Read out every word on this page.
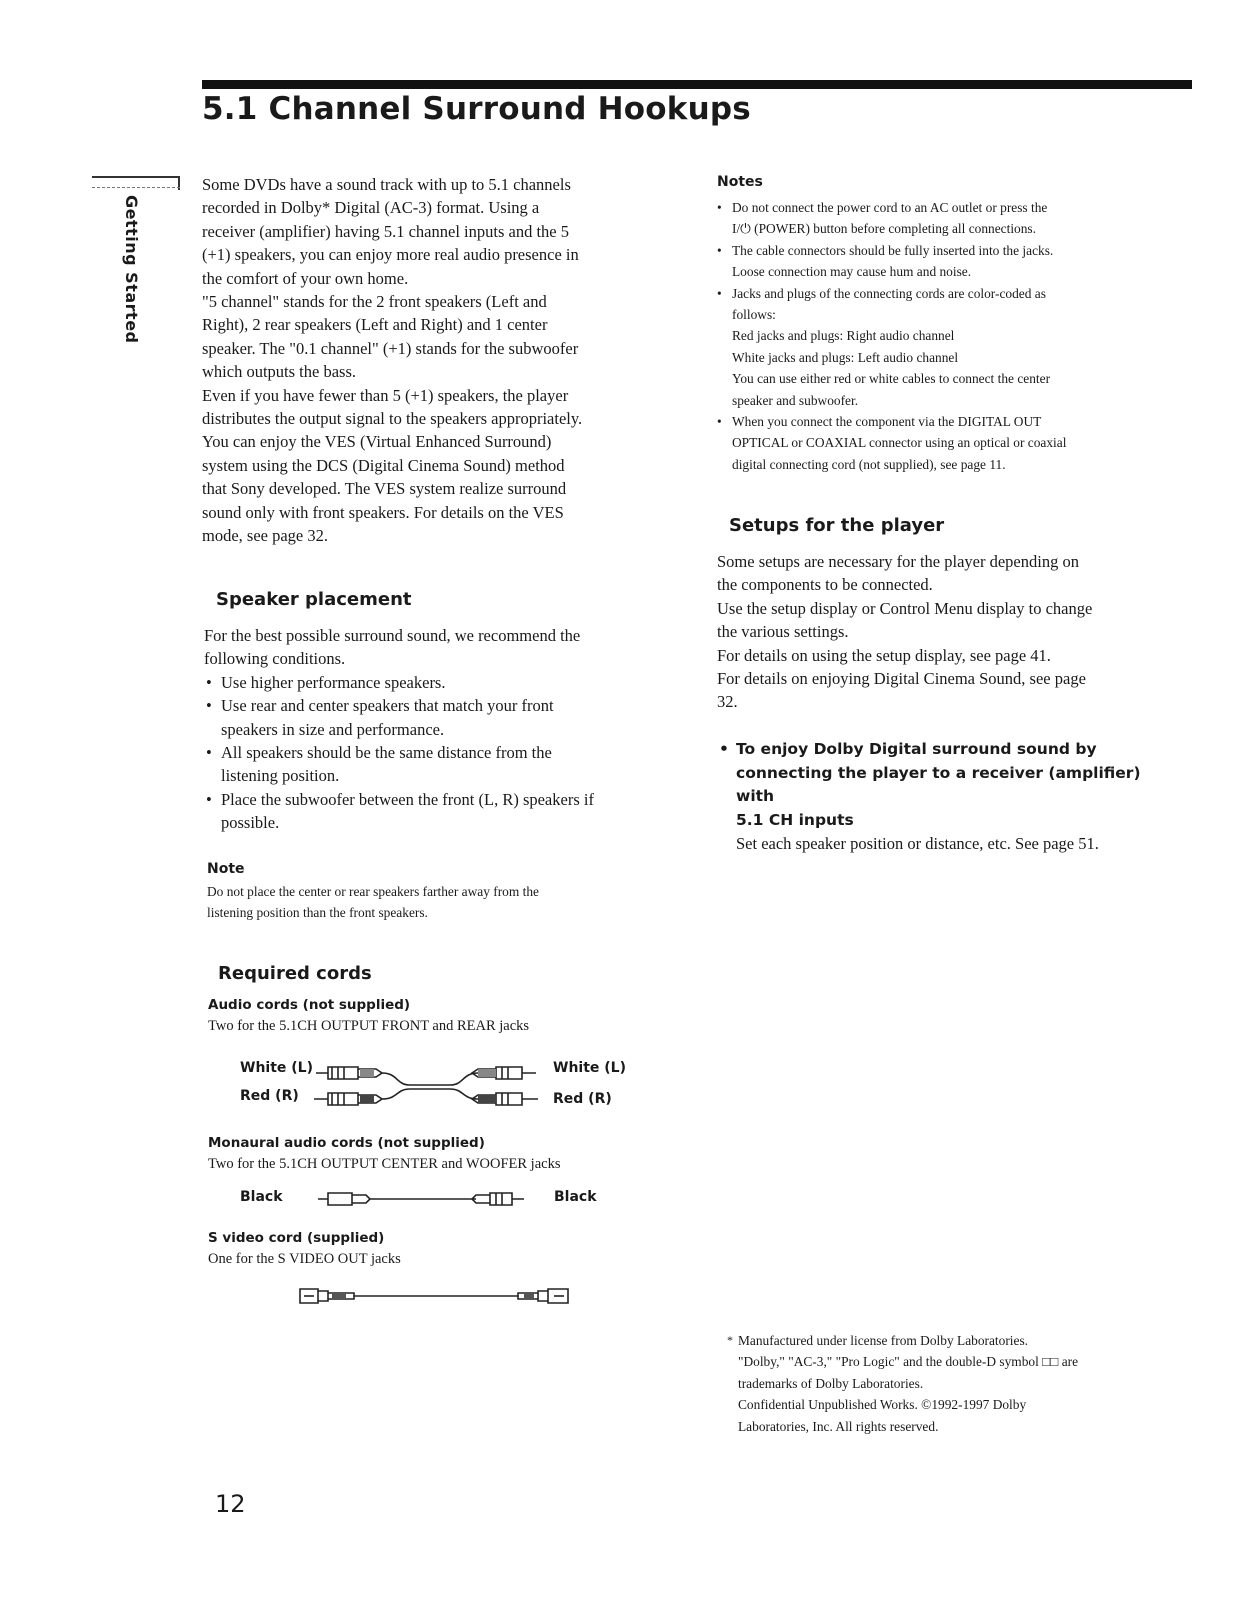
5.1 Channel Surround Hookups
Getting Started

Some DVDs have a sound track with up to 5.1 channels

recorded in Dolby* Digital (AC-3) format. Using a

receiver (amplifier) having 5.1 channel inputs and the 5

(+1) speakers, you can enjoy more real audio presence in

the comfort of your own home.

"5 channel" stands for the 2 front speakers (Left and

Right), 2 rear speakers (Left and Right) and 1 center

speaker. The "0.1 channel" (+1) stands for the subwoofer

which outputs the bass.

Even if you have fewer than 5 (+1) speakers, the player

distributes the output signal to the speakers appropriately.

You can enjoy the VES (Virtual Enhanced Surround)

system using the DCS (Digital Cinema Sound) method

that Sony developed. The VES system realize surround

sound only with front speakers. For details on the VES

mode, see page 32.

Speaker placement

For the best possible surround sound, we recommend the

following conditions.

• Use higher performance speakers.
• Use rear and center speakers that match your front
speakers in size and performance.
• All speakers should be the same distance from the
listening position.
• Place the subwoofer between the front (L, R) speakers if
possible.
Note

Do not place the center or rear speakers farther away from the

listening position than the front speakers.

Required cords
Audio cords (not supplied)
Two for the 5.1CH OUTPUT FRONT and REAR jacks
White (L)
Red (R)
White (L)
Red (R)
Monaural audio cords (not supplied)
Two for the 5.1CH OUTPUT CENTER and WOOFER jacks
Black	Black
S video cord (supplied)
One for the S VIDEO OUT jacks
Notes
• Do not connect the power cord to an AC outlet or press the
I/⏻ (POWER) button before completing all connections.
• The cable connectors should be fully inserted into the jacks.
Loose connection may cause hum and noise.
• Jacks and plugs of the connecting cords are color-coded as
follows:
Red jacks and plugs: Right audio channel
White jacks and plugs: Left audio channel
You can use either red or white cables to connect the center
speaker and subwoofer.
• When you connect the component via the DIGITAL OUT
OPTICAL or COAXIAL connector using an optical or coaxial
digital connecting cord (not supplied), see page 11.
Setups for the player

Some setups are necessary for the player depending on

the components to be connected.

Use the setup display or Control Menu display to change

the various settings.

For details on using the setup display, see page 41.

For details on enjoying Digital Cinema Sound, see page

32.

• To enjoy Dolby Digital surround sound by
connecting the player to a receiver (amplifier) with
5.1 CH inputs
Set each speaker position or distance, etc. See page 51.
* Manufactured under license from Dolby Laboratories.

"Dolby," "AC-3," "Pro Logic" and the double-D symbol □□ are

trademarks of Dolby Laboratories.

Confidential Unpublished Works. ©1992-1997 Dolby

Laboratories, Inc. All rights reserved.

12
